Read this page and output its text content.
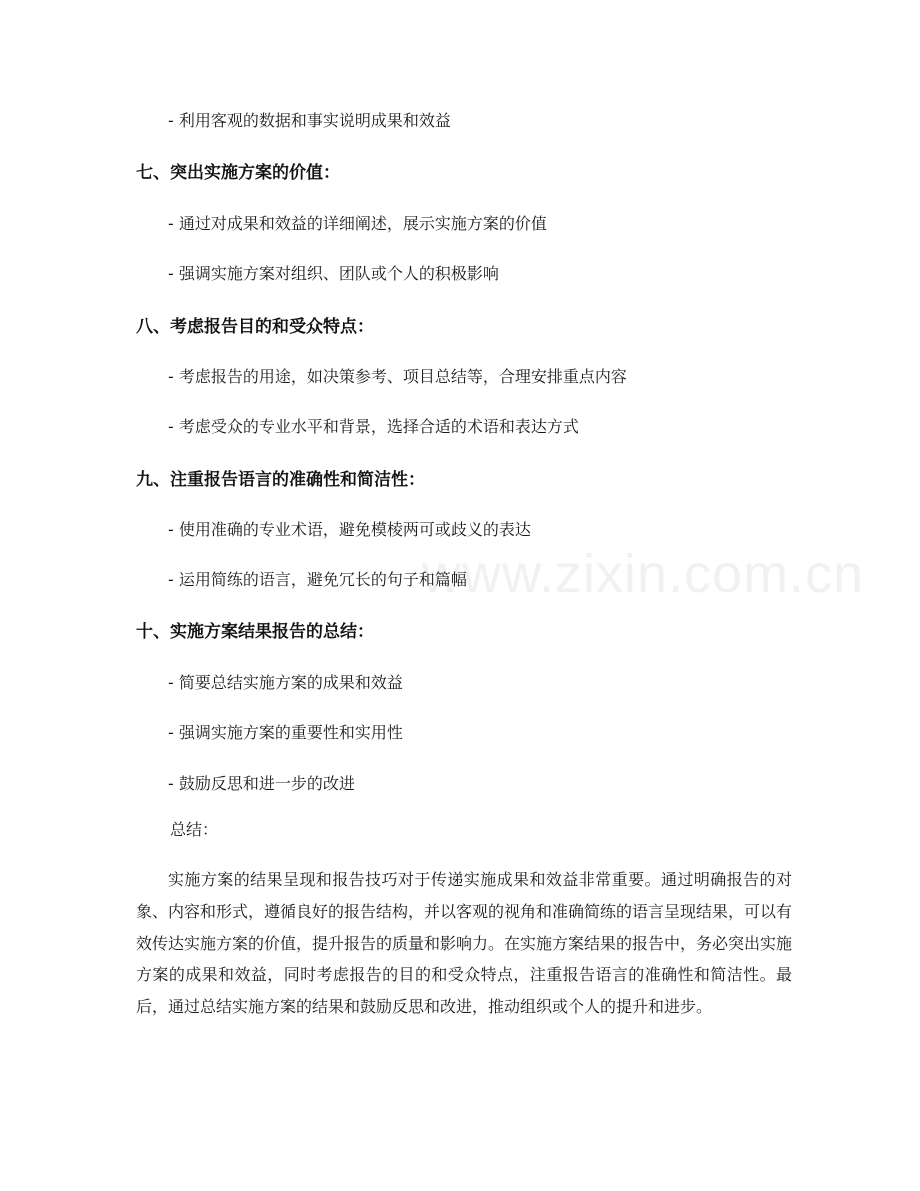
www.zixin.com.cn
- 利用客观的数据和事实说明成果和效益
七、突出实施方案的价值：
- 通过对成果和效益的详细阐述，展示实施方案的价值
- 强调实施方案对组织、团队或个人的积极影响
八、考虑报告目的和受众特点：
- 考虑报告的用途，如决策参考、项目总结等，合理安排重点内容
- 考虑受众的专业水平和背景，选择合适的术语和表达方式
九、注重报告语言的准确性和简洁性：
- 使用准确的专业术语，避免模棱两可或歧义的表达
- 运用简练的语言，避免冗长的句子和篇幅
十、实施方案结果报告的总结：
- 简要总结实施方案的成果和效益
- 强调实施方案的重要性和实用性
- 鼓励反思和进一步的改进
总结：
实施方案的结果呈现和报告技巧对于传递实施成果和效益非常重要。通过明确报告的对象、内容和形式，遵循良好的报告结构，并以客观的视角和准确简练的语言呈现结果，可以有效传达实施方案的价值，提升报告的质量和影响力。在实施方案结果的报告中，务必突出实施方案的成果和效益，同时考虑报告的目的和受众特点，注重报告语言的准确性和简洁性。最后，通过总结实施方案的结果和鼓励反思和改进，推动组织或个人的提升和进步。
